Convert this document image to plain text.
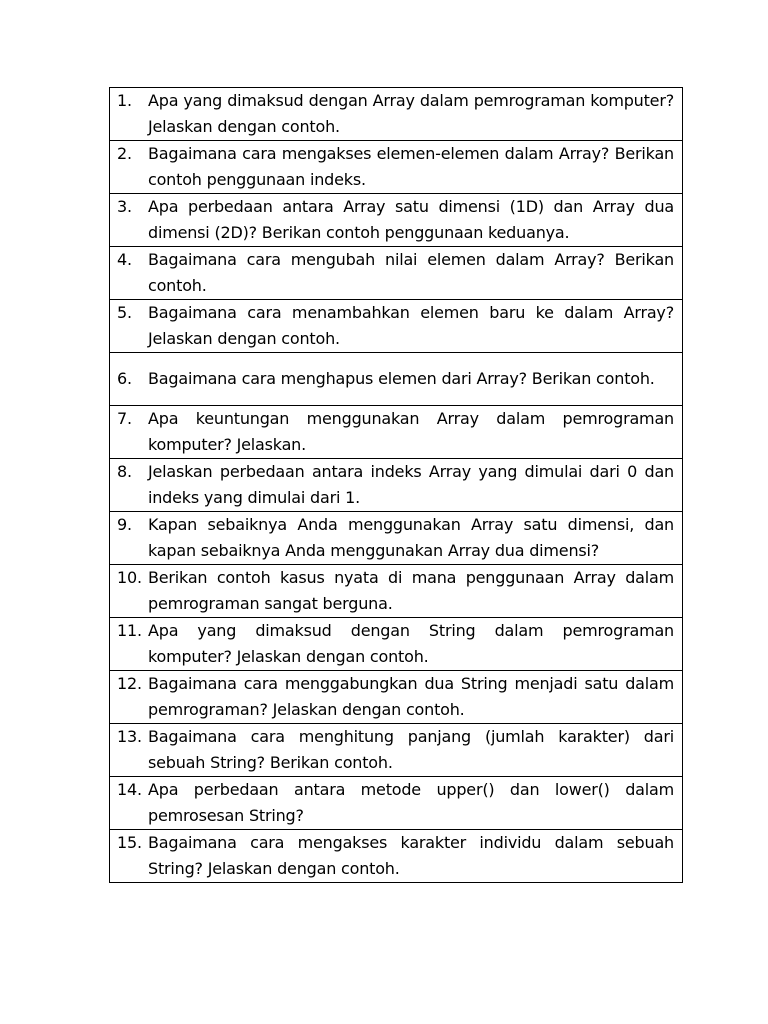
1.	Apa yang dimaksud dengan Array dalam pemrograman komputer? Jelaskan dengan contoh.

2.	Bagaimana cara mengakses elemen-elemen dalam Array? Berikan contoh penggunaan indeks.

3.	Apa perbedaan antara Array satu dimensi (1D) dan Array dua dimensi (2D)? Berikan contoh penggunaan keduanya.

4.	Bagaimana cara mengubah nilai elemen dalam Array? Berikan contoh.

5.	Bagaimana cara menambahkan elemen baru ke dalam Array? Jelaskan dengan contoh.

6.	Bagaimana cara menghapus elemen dari Array? Berikan contoh.

7.	Apa keuntungan menggunakan Array dalam pemrograman komputer? Jelaskan.

8.	Jelaskan perbedaan antara indeks Array yang dimulai dari 0 dan indeks yang dimulai dari 1.

9.	Kapan sebaiknya Anda menggunakan Array satu dimensi, dan kapan sebaiknya Anda menggunakan Array dua dimensi?

10. Berikan contoh kasus nyata di mana penggunaan Array dalam pemrograman sangat berguna.

11. Apa yang dimaksud dengan String dalam pemrograman komputer? Jelaskan dengan contoh.

12. Bagaimana cara menggabungkan dua String menjadi satu dalam pemrograman? Jelaskan dengan contoh.

13. Bagaimana cara menghitung panjang (jumlah karakter) dari sebuah String? Berikan contoh.

14. Apa perbedaan antara metode upper() dan lower() dalam pemrosesan String?

15. Bagaimana cara mengakses karakter individu dalam sebuah String? Jelaskan dengan contoh.
